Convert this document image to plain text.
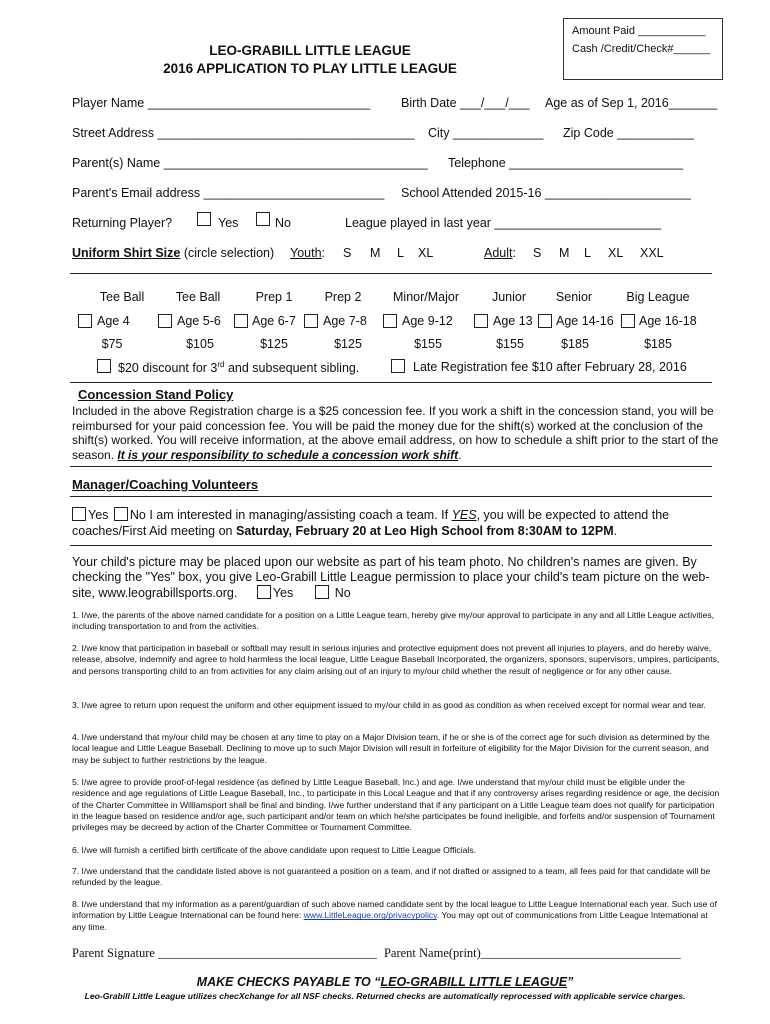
Amount Paid ___________
Cash /Credit/Check#______
LEO-GRABILL LITTLE LEAGUE
2016 APPLICATION TO PLAY LITTLE LEAGUE
Player Name ________________________________ Birth Date ___/___/___ Age as of Sep 1, 2016_______
Street Address _____________________________________ City _____________ Zip Code ___________
Parent(s) Name ______________________________________ Telephone _________________________
Parent's Email address __________________________ School Attended 2015-16 _____________________
Returning Player?	Yes	No	League played in last year ________________________
Uniform Shirt Size (circle selection) Youth: S M L XL	Adult: S M L XL XXL
Tee Ball	Tee Ball	Prep 1	Prep 2	Minor/Major	Junior	Senior	Big League
Age 4	Age 5-6 Age 6-7 Age 7-8	Age 9-12	Age 13 Age 14-16 Age 16-18
$75	$105	$125	$125	$155	$155	$185	$185
$20 discount for 3rd and subsequent sibling.	Late Registration fee $10 after February 28, 2016
Concession Stand Policy
Included in the above Registration charge is a $25 concession fee. If you work a shift in the concession stand, you will be reimbursed for your paid concession fee. You will be paid the money due for the shift(s) worked at the conclusion of the shift(s) worked. You will receive information, at the above email address, on how to schedule a shift prior to the start of the season. It is your responsibility to schedule a concession work shift.
Manager/Coaching Volunteers
Yes No I am interested in managing/assisting coach a team. If YES, you will be expected to attend the
coaches/First Aid meeting on Saturday, February 20 at Leo High School from 8:30AM to 12PM.
Your child's picture may be placed upon our website as part of his team photo. No children's names are given. By
checking the "Yes" box, you give Leo-Grabill Little League permission to place your child's team picture on the web-
site, www.leograbillsports.org.	Yes	No
1. I/we, the parents of the above named candidate for a position on a Little League team, hereby give my/our approval to participate in any and all Little League activities, including transportation to and from the activities.
2. I/we know that participation in baseball or softball may result in serious injuries and protective equipment does not prevent all injuries to players, and do hereby waive, release, absolve, indemnify and agree to hold harmless the local league, Little League Baseball Incorporated, the organizers, sponsors, supervisors, umpires, participants, and persons transporting child to an from activities for any claim arising out of an injury to my/our child whether the result of negligence or for any other cause.
3. I/we agree to return upon request the uniform and other equipment issued to my/our child in as good as condition as when received except for normal wear and tear.
4. I/we understand that my/our child may be chosen at any time to play on a Major Division team, if he or she is of the correct age for such division as determined by the local league and Little League Baseball. Declining to move up to such Major Division will result in forfeiture of eligibility for the Major Division for the current season, and may be subject to further restrictions by the league.
5. I/we agree to provide proof-of-legal residence (as defined by Little League Baseball, Inc.) and age. I/we understand that my/our child must be eligible under the residence and age regulations of Little League Baseball, Inc., to participate in this Local League and that if any controversy arises regarding residence or age, the decision of the Charter Committee in Williamsport shall be final and binding. I/we further understand that if any participant on a Little League team does not qualify for participation in the league based on residence and/or age, such participant and/or team on which he/she participates be found ineligible, and forfeits and/or suspension of Tournament privileges may be decreed by action of the Charter Committee or Tournament Committee.
6. I/we will furnish a certified birth certificate of the above candidate upon request to Little League Officials.
7. I/we understand that the candidate listed above is not guaranteed a position on a team, and if not drafted or assigned to a team, all fees paid for that candidate will be refunded by the league.
8. I/we understand that my information as a parent/guardian of such above named candidate sent by the local league to Little League International each year. Such use of information by Little League International can be found here: www.LittleLeague.org/privacypolicy. You may opt out of communications from Little League International at any time.
Parent Signature ___________________________________ Parent Name(print)________________________________
MAKE CHECKS PAYABLE TO “LEO-GRABILL LITTLE LEAGUE”
Leo-Grabill Little League utilizes checXchange for all NSF checks. Returned checks are automatically reprocessed with applicable service charges.
